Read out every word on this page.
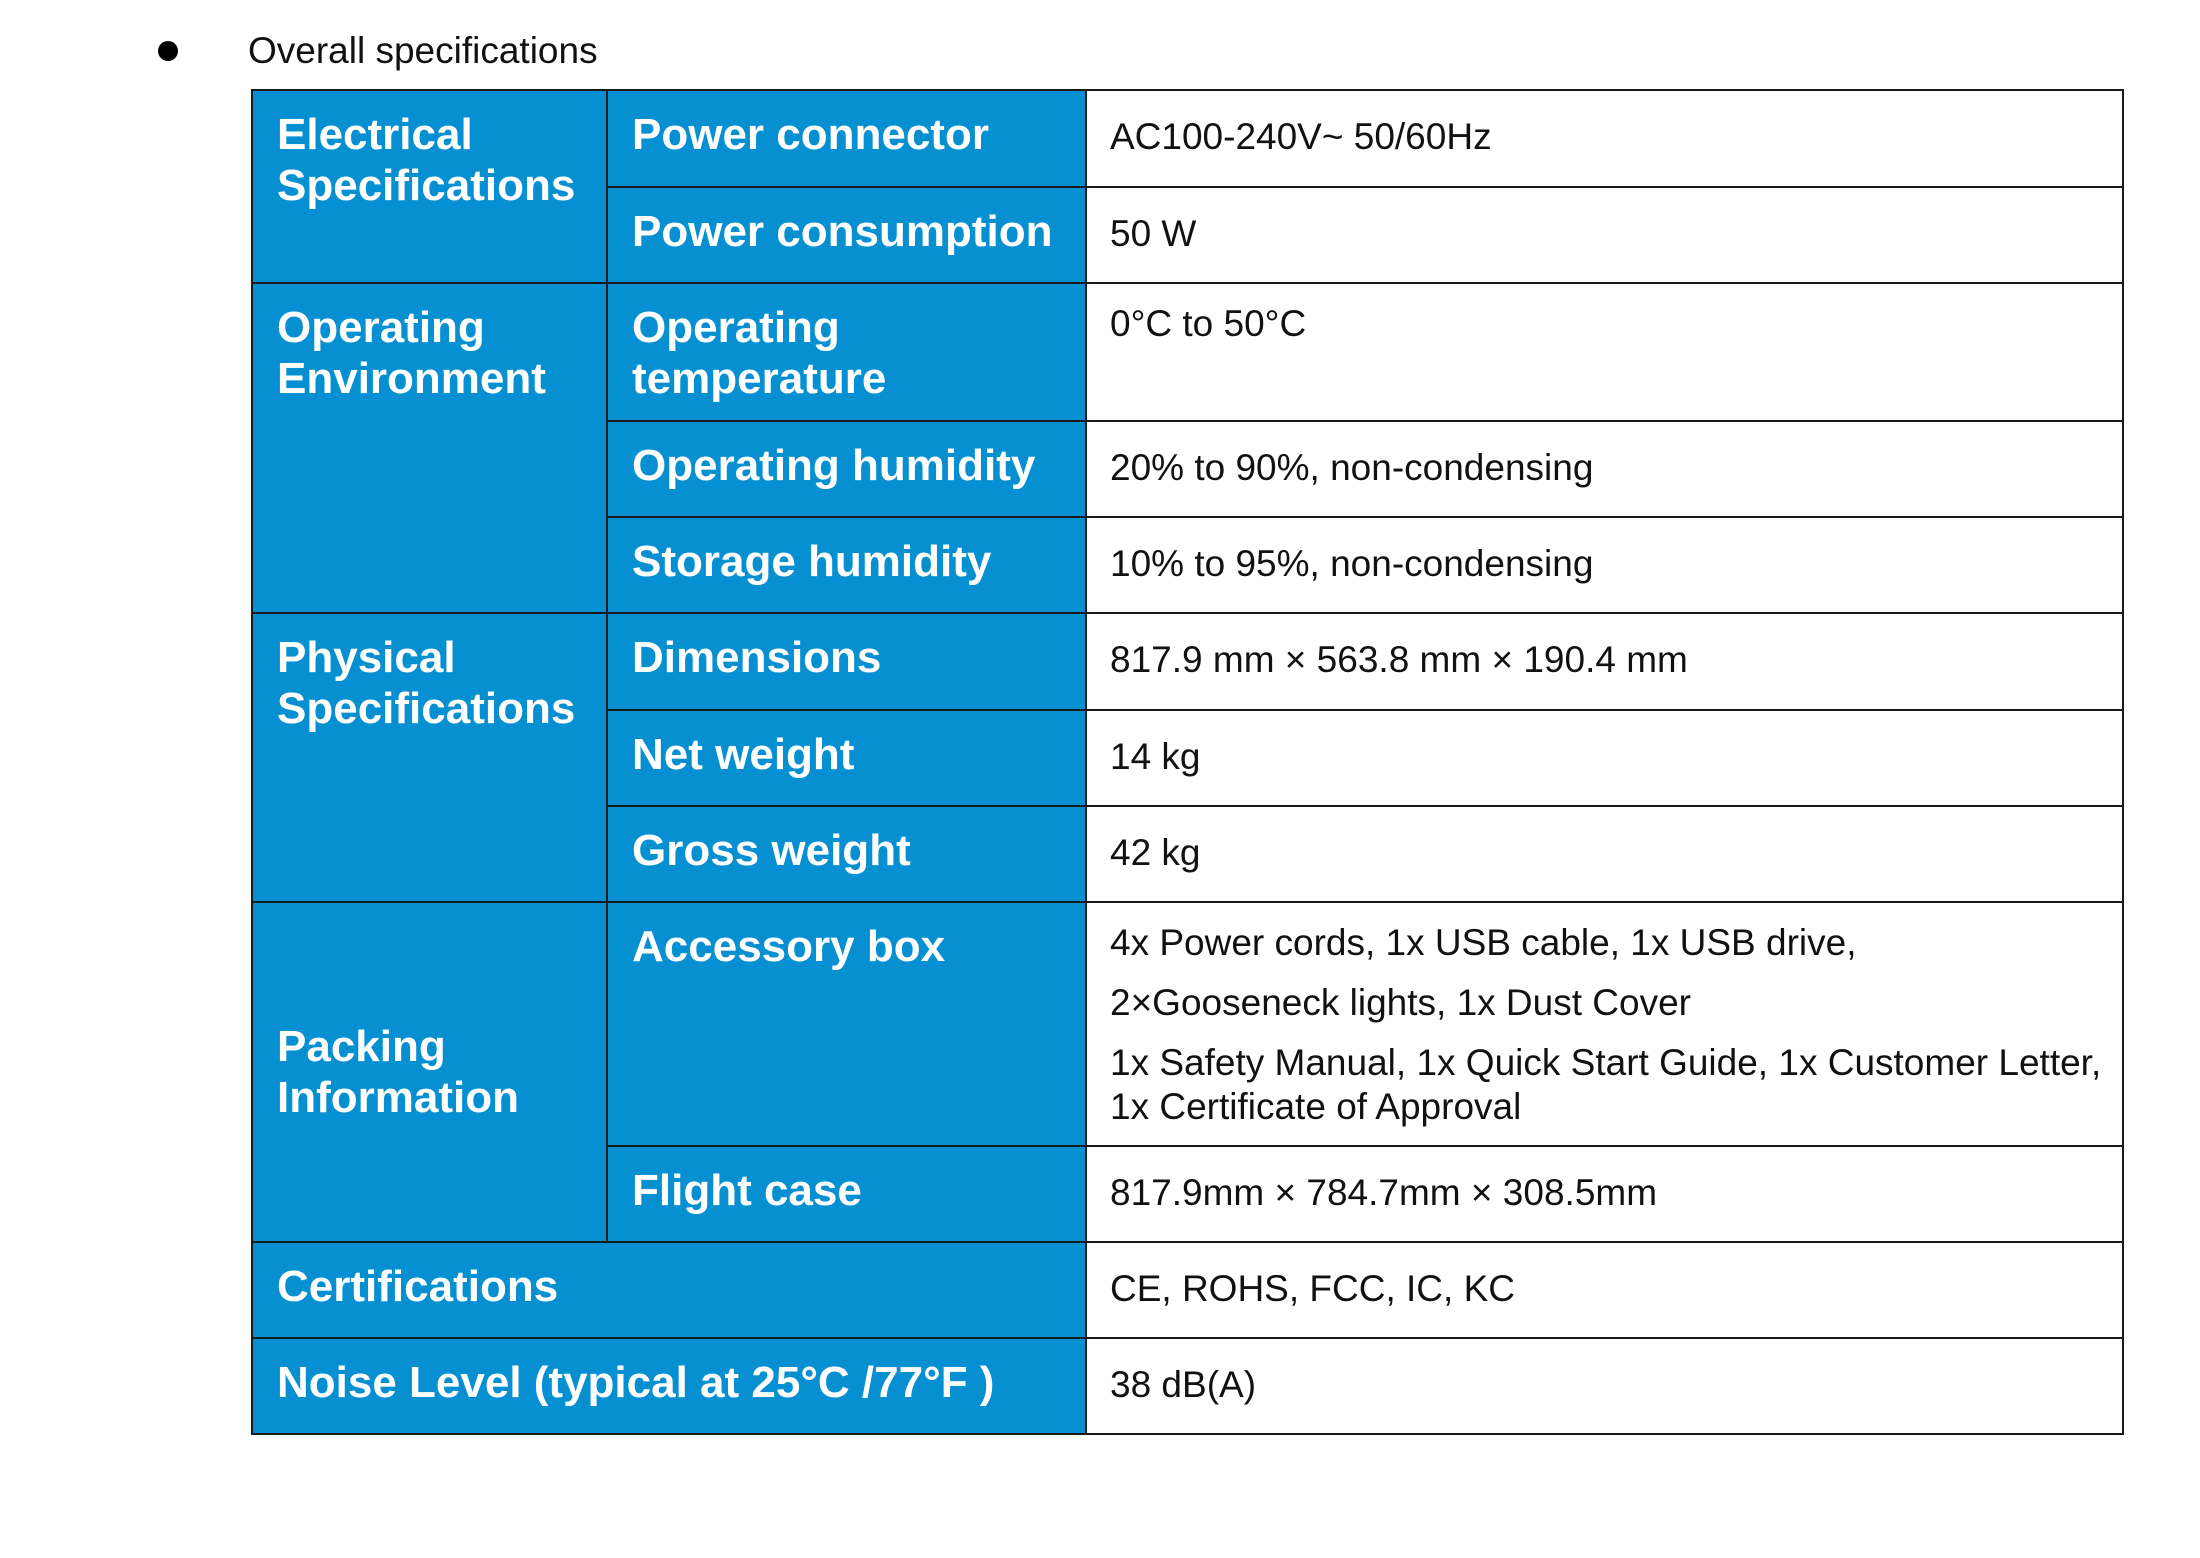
Overall specifications
Electrical Specifications	Power connector	AC100-240V~ 50/60Hz
	Power consumption	50 W
Operating Environment	Operating temperature	0°C to 50°C
	Operating humidity	20% to 90%, non-condensing
	Storage humidity	10% to 95%, non-condensing
Physical Specifications	Dimensions	817.9 mm × 563.8 mm × 190.4 mm
	Net weight	14 kg
	Gross weight	42 kg
Packing Information	Accessory box	4x Power cords, 1x USB cable, 1x USB drive,
2×Gooseneck lights, 1x Dust Cover
1x Safety Manual, 1x Quick Start Guide, 1x Customer Letter,
1x Certificate of Approval

	Flight case	817.9mm × 784.7mm × 308.5mm
Certifications		CE, ROHS, FCC, IC, KC
Noise Level (typical at 25°C /77°F )		38 dB(A)
